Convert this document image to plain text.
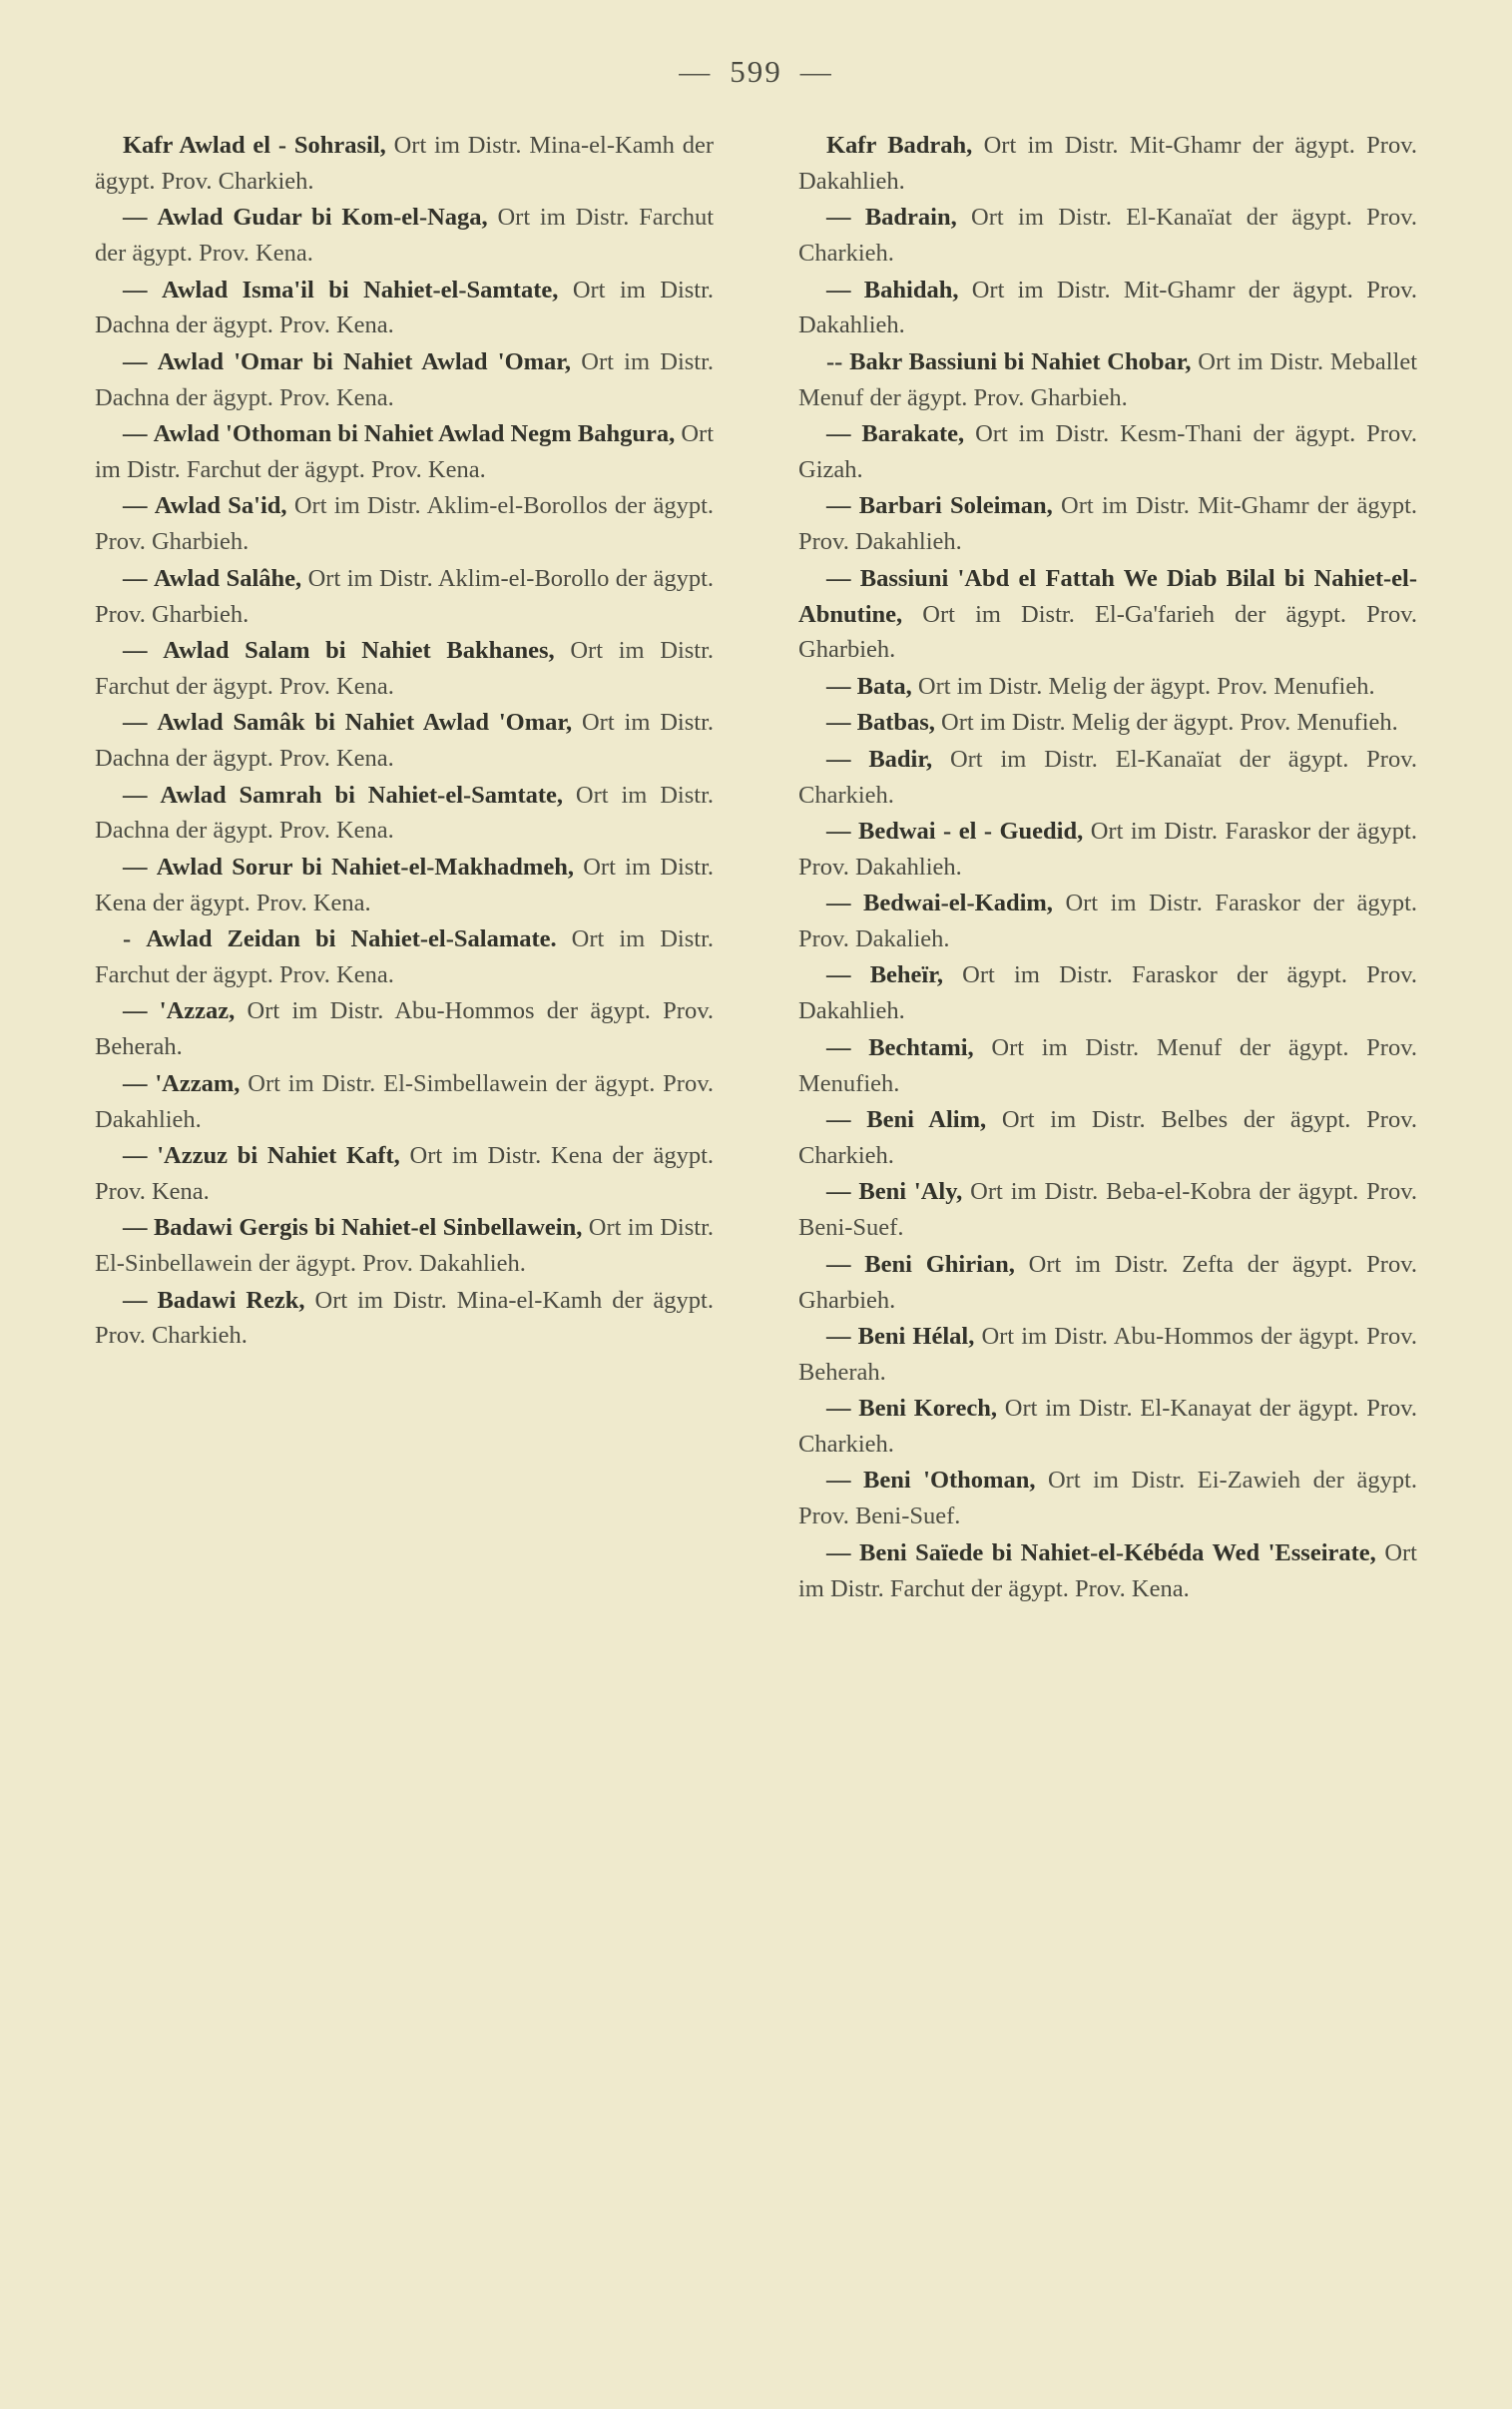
— 599 —

Kafr Awlad el - Sohrasil, Ort im Distr. Mina-el-Kamh der ägypt. Prov. Charkieh.

— Awlad Gudar bi Kom-el-Naga, Ort im Distr. Farchut der ägypt. Prov. Kena.

— Awlad Isma'il bi Nahiet-el-Samtate, Ort im Distr. Dachna der ägypt. Prov. Kena.

— Awlad 'Omar bi Nahiet Awlad 'Omar, Ort im Distr. Dachna der ägypt. Prov. Kena.

— Awlad 'Othoman bi Nahiet Awlad Negm Bahgura, Ort im Distr. Farchut der ägypt. Prov. Kena.

— Awlad Sa'id, Ort im Distr. Aklim-el-Borollos der ägypt. Prov. Gharbieh.

— Awlad Salâhe, Ort im Distr. Aklim-el-Borollo der ägypt. Prov. Gharbieh.

— Awlad Salam bi Nahiet Bakhanes, Ort im Distr. Farchut der ägypt. Prov. Kena.

— Awlad Samâk bi Nahiet Awlad 'Omar, Ort im Distr. Dachna der ägypt. Prov. Kena.

— Awlad Samrah bi Nahiet-el-Samtate, Ort im Distr. Dachna der ägypt. Prov. Kena.

— Awlad Sorur bi Nahiet-el-Makhadmeh, Ort im Distr. Kena der ägypt. Prov. Kena.

- Awlad Zeidan bi Nahiet-el-Salamate. Ort im Distr. Farchut der ägypt. Prov. Kena.

— 'Azzaz, Ort im Distr. Abu-Hommos der ägypt. Prov. Beherah.

— 'Azzam, Ort im Distr. El-Simbellawein der ägypt. Prov. Dakahlieh.

— 'Azzuz bi Nahiet Kaft, Ort im Distr. Kena der ägypt. Prov. Kena.

— Badawi Gergis bi Nahiet-el Sinbellawein, Ort im Distr. El-Sinbellawein der ägypt. Prov. Dakahlieh.

— Badawi Rezk, Ort im Distr. Mina-el-Kamh der ägypt. Prov. Charkieh.

Kafr Badrah, Ort im Distr. Mit-Ghamr der ägypt. Prov. Dakahlieh.

— Badrain, Ort im Distr. El-Kanaïat der ägypt. Prov. Charkieh.

— Bahidah, Ort im Distr. Mit-Ghamr der ägypt. Prov. Dakahlieh.

-- Bakr Bassiuni bi Nahiet Chobar, Ort im Distr. Meballet Menuf der ägypt. Prov. Gharbieh.

— Barakate, Ort im Distr. Kesm-Thani der ägypt. Prov. Gizah.

— Barbari Soleiman, Ort im Distr. Mit-Ghamr der ägypt. Prov. Dakahlieh.

— Bassiuni 'Abd el Fattah We Diab Bilal bi Nahiet-el-Abnutine, Ort im Distr. El-Ga'farieh der ägypt. Prov. Gharbieh.

— Bata, Ort im Distr. Melig der ägypt. Prov. Menufieh.

— Batbas, Ort im Distr. Melig der ägypt. Prov. Menufieh.

— Badir, Ort im Distr. El-Kanaïat der ägypt. Prov. Charkieh.

— Bedwai - el - Guedid, Ort im Distr. Faraskor der ägypt. Prov. Dakahlieh.

— Bedwai-el-Kadim, Ort im Distr. Faraskor der ägypt. Prov. Dakalieh.

— Beheïr, Ort im Distr. Faraskor der ägypt. Prov. Dakahlieh.

— Bechtami, Ort im Distr. Menuf der ägypt. Prov. Menufieh.

— Beni Alim, Ort im Distr. Belbes der ägypt. Prov. Charkieh.

— Beni 'Aly, Ort im Distr. Beba-el-Kobra der ägypt. Prov. Beni-Suef.

— Beni Ghirian, Ort im Distr. Zefta der ägypt. Prov. Gharbieh.

— Beni Hélal, Ort im Distr. Abu-Hommos der ägypt. Prov. Beherah.

— Beni Korech, Ort im Distr. El-Kanayat der ägypt. Prov. Charkieh.

— Beni 'Othoman, Ort im Distr. Ei-Zawieh der ägypt. Prov. Beni-Suef.

— Beni Saïede bi Nahiet-el-Kébéda Wed 'Esseirate, Ort im Distr. Farchut der ägypt. Prov. Kena.
